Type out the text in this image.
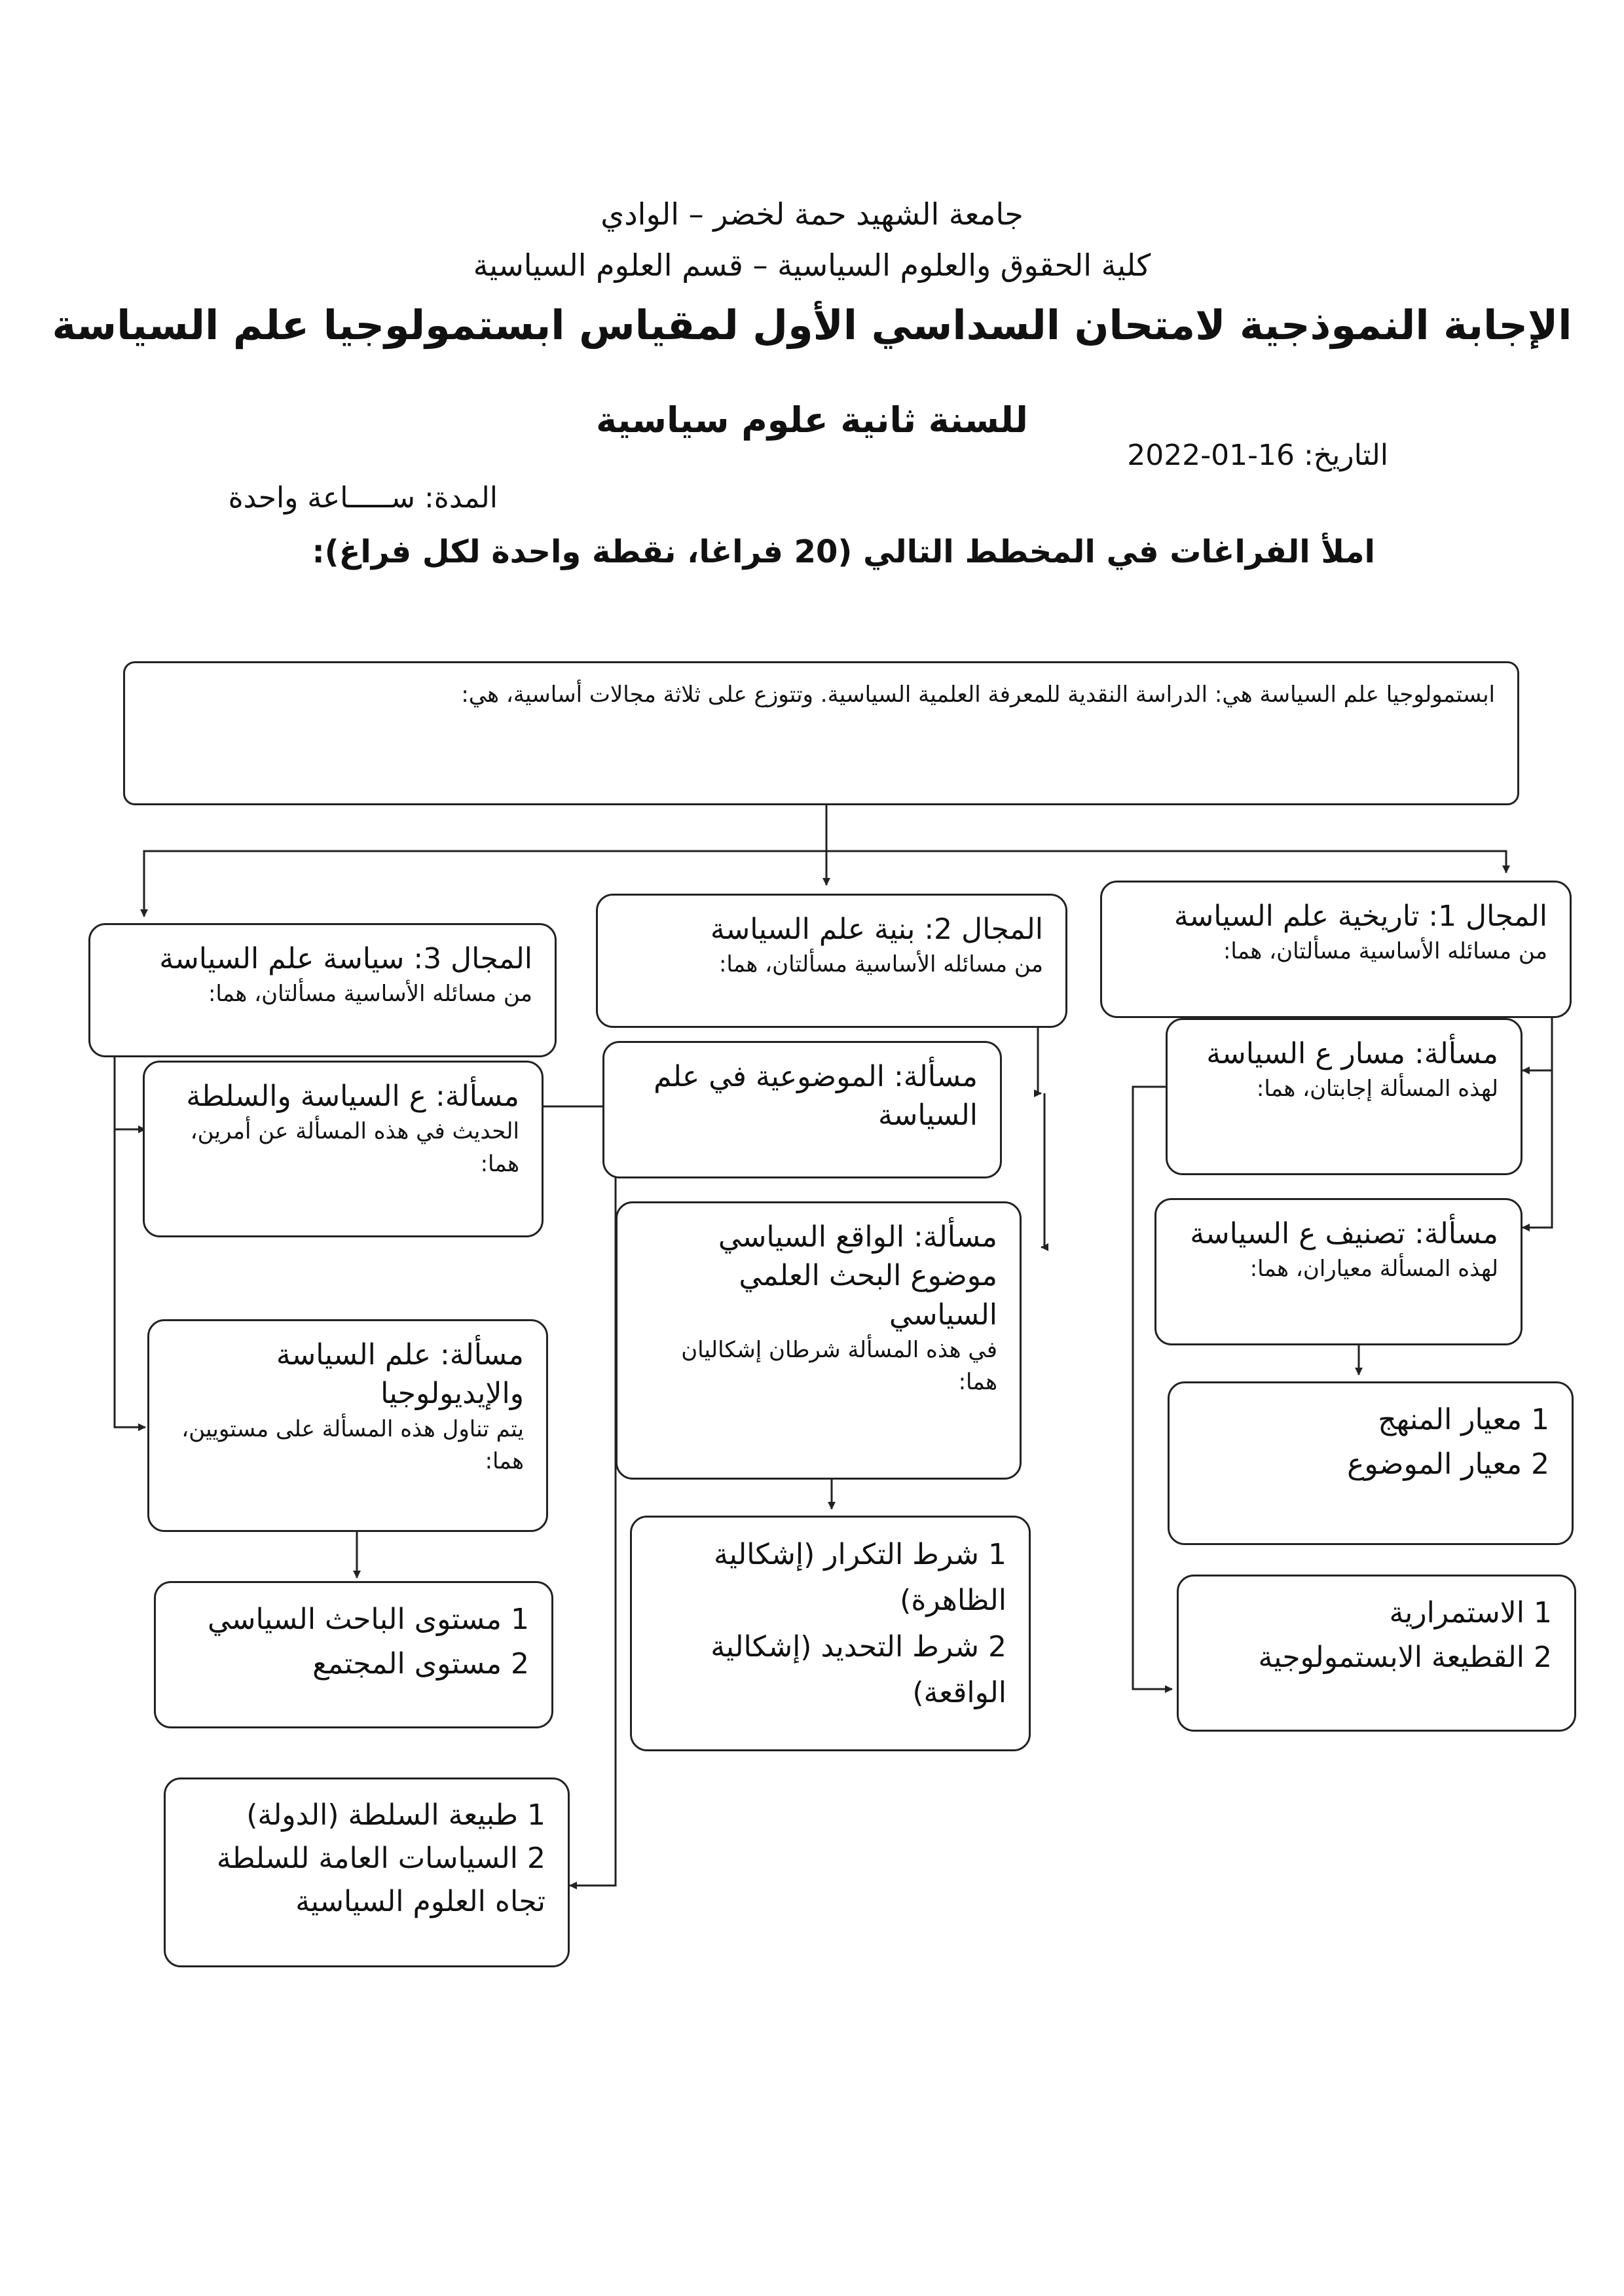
جامعة الشهيد حمة لخضر – الوادي
كلية الحقوق والعلوم السياسية – قسم العلوم السياسية
الإجابة النموذجية لامتحان السداسي الأول لمقياس ابستمولوجيا علم السياسة
للسنة ثانية علوم سياسية
التاريخ: 16-01-2022
المدة: ســـــاعة واحدة
املأ الفراغات في المخطط التالي (20 فراغا، نقطة واحدة لكل فراغ):
ابستمولوجيا علم السياسة هي: الدراسة النقدية للمعرفة العلمية السياسية. وتتوزع على ثلاثة مجالات أساسية، هي:
المجال 1: تاريخية علم السياسة
من مسائله الأساسية مسألتان، هما:
مسألة: مسار ع السياسة
لهذه المسألة إجابتان، هما:
مسألة: تصنيف ع السياسة
لهذه المسألة معياران، هما:
1 معيار المنهج
2 معيار الموضوع
1 الاستمرارية
2 القطيعة الابستمولوجية
المجال 2: بنية علم السياسة
من مسائله الأساسية مسألتان، هما:
مسألة: الموضوعية في علم السياسة
مسألة: الواقع السياسي موضوع البحث العلمي السياسي
في هذه المسألة شرطان إشكاليان هما:
1 شرط التكرار (إشكالية الظاهرة)
2 شرط التحديد (إشكالية الواقعة)
المجال 3: سياسة علم السياسة
من مسائله الأساسية مسألتان، هما:
مسألة: ع السياسة والسلطة
الحديث في هذه المسألة عن أمرين، هما:
مسألة: علم السياسة والإيديولوجيا
يتم تناول هذه المسألة على مستويين، هما:
1 مستوى الباحث السياسي
2 مستوى المجتمع
1 طبيعة السلطة (الدولة)
2 السياسات العامة للسلطة
تجاه العلوم السياسية
